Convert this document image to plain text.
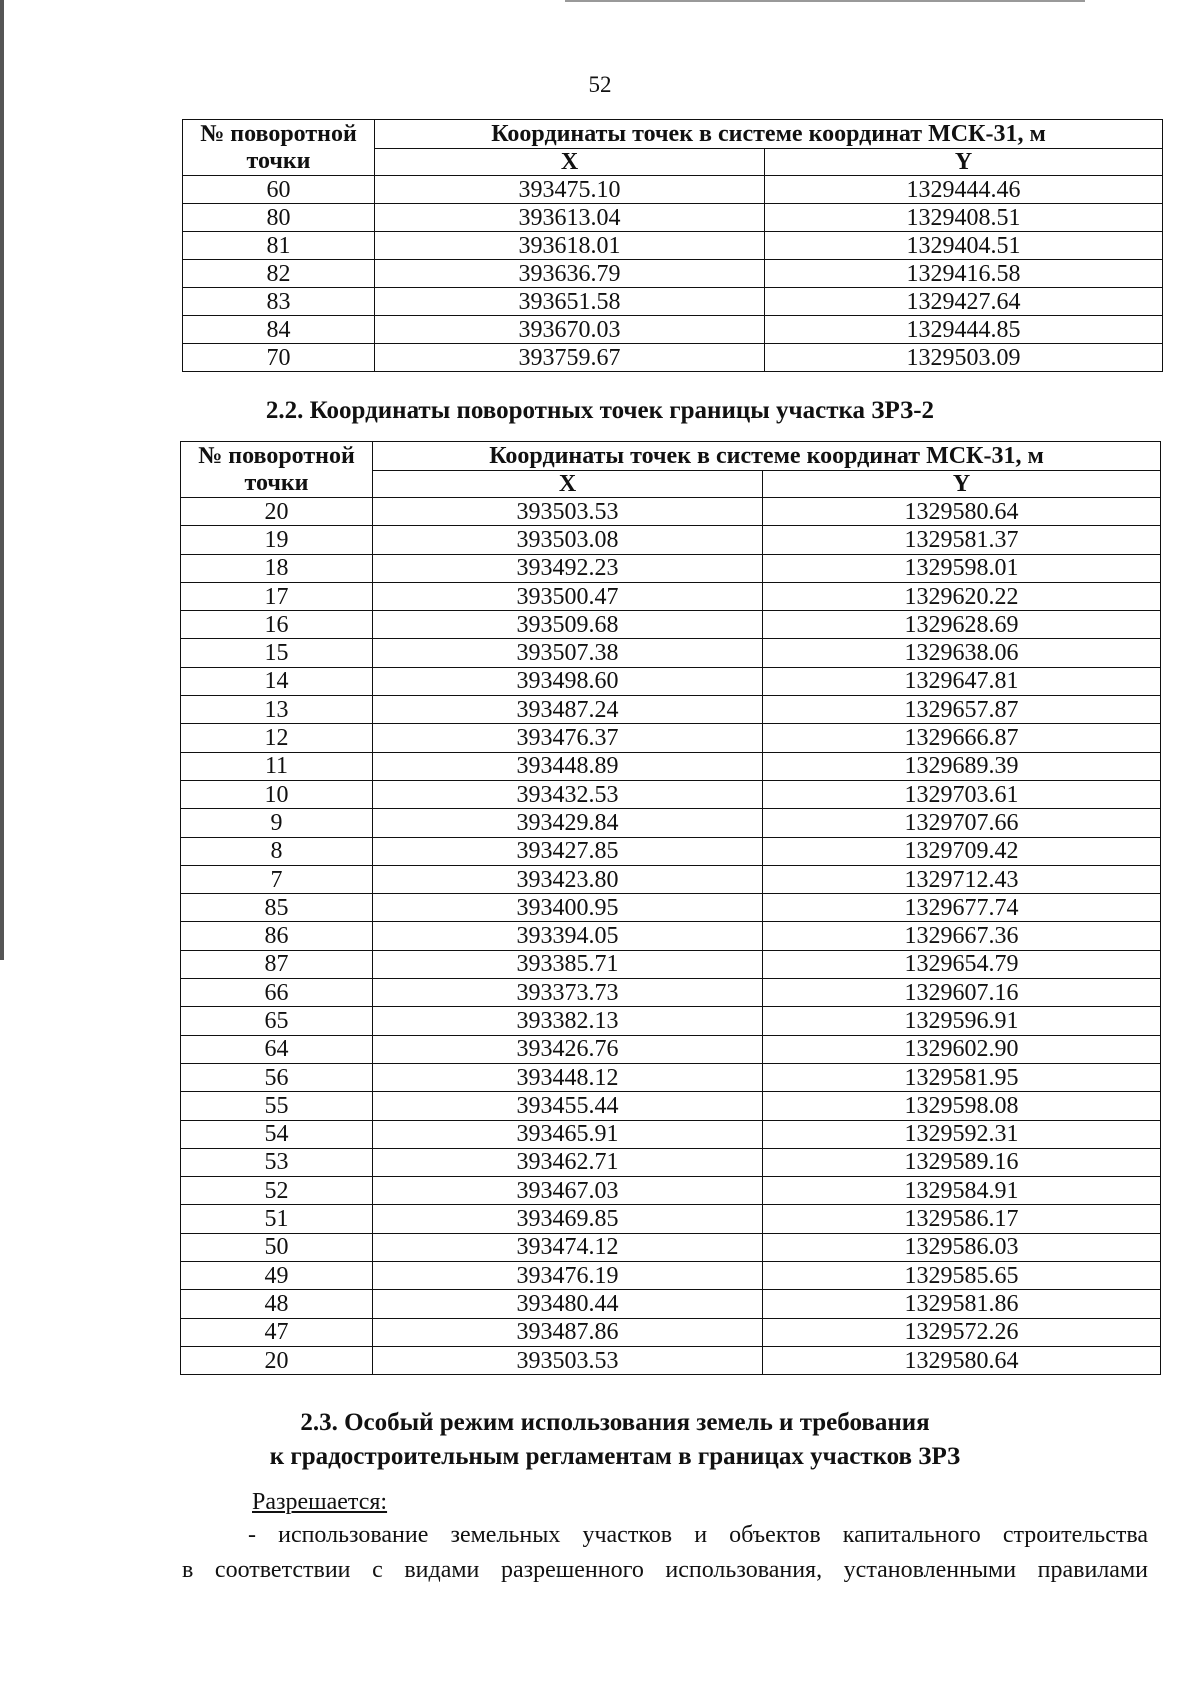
52
№ поворотной точки	Координаты точек в системе координат МСК-31, м	
	X	Y
60	393475.10	1329444.46
80	393613.04	1329408.51
81	393618.01	1329404.51
82	393636.79	1329416.58
83	393651.58	1329427.64
84	393670.03	1329444.85
70	393759.67	1329503.09
2.2. Координаты поворотных точек границы участка ЗРЗ-2
№ поворотной точки	Координаты точек в системе координат МСК-31, м	
	X	Y
20	393503.53	1329580.64
19	393503.08	1329581.37
18	393492.23	1329598.01
17	393500.47	1329620.22
16	393509.68	1329628.69
15	393507.38	1329638.06
14	393498.60	1329647.81
13	393487.24	1329657.87
12	393476.37	1329666.87
11	393448.89	1329689.39
10	393432.53	1329703.61
9	393429.84	1329707.66
8	393427.85	1329709.42
7	393423.80	1329712.43
85	393400.95	1329677.74
86	393394.05	1329667.36
87	393385.71	1329654.79
66	393373.73	1329607.16
65	393382.13	1329596.91
64	393426.76	1329602.90
56	393448.12	1329581.95
55	393455.44	1329598.08
54	393465.91	1329592.31
53	393462.71	1329589.16
52	393467.03	1329584.91
51	393469.85	1329586.17
50	393474.12	1329586.03
49	393476.19	1329585.65
48	393480.44	1329581.86
47	393487.86	1329572.26
20	393503.53	1329580.64
2.3. Особый режим использования земель и требования
к градостроительным регламентам в границах участков ЗРЗ
Разрешается:
- использование земельных участков и объектов капитального строительства
в соответствии с видами разрешенного использования, установленными правилами
